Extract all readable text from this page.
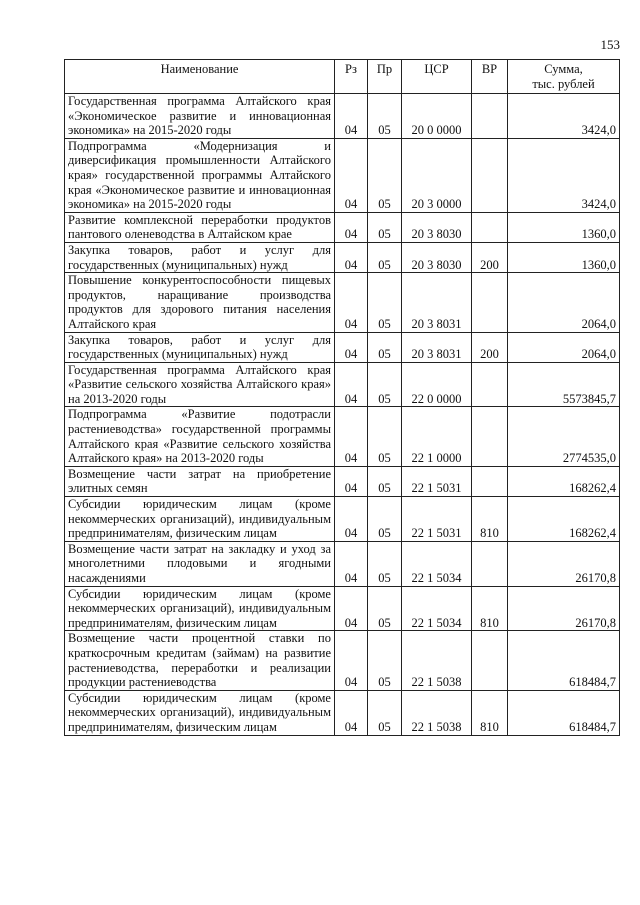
153
Наименование	Рз	Пр	ЦСР	ВР	Сумма,
тыс. рублей

Государственная программа Алтайского края «Экономическое развитие и инновационная экономика» на 2015-2020 годы	04	05	20 0 0000		3424,0
Подпрограмма «Модернизация и диверсификация промышленности Алтайского края» государственной программы Алтайского края «Экономическое развитие и инновационная экономика» на 2015-2020 годы	04	05	20 3 0000		3424,0
Развитие комплексной переработки продуктов пантового оленеводства в Алтайском крае	04	05	20 3 8030		1360,0
Закупка товаров, работ и услуг для государственных (муниципальных) нужд	04	05	20 3 8030	200	1360,0
Повышение конкурентоспособности пищевых продуктов, наращивание производства продуктов для здорового питания населения Алтайского края	04	05	20 3 8031		2064,0
Закупка товаров, работ и услуг для государственных (муниципальных) нужд	04	05	20 3 8031	200	2064,0
Государственная программа Алтайского края «Развитие сельского хозяйства Алтайского края» на 2013-2020 годы	04	05	22 0 0000		5573845,7
Подпрограмма «Развитие подотрасли растениеводства» государственной программы Алтайского края «Развитие сельского хозяйства Алтайского края» на 2013-2020 годы	04	05	22 1 0000		2774535,0
Возмещение части затрат на приобретение элитных семян	04	05	22 1 5031		168262,4
Субсидии юридическим лицам (кроме некоммерческих организаций), индивидуальным предпринимателям, физическим лицам	04	05	22 1 5031	810	168262,4
Возмещение части затрат на закладку и уход за многолетними плодовыми и ягодными насаждениями	04	05	22 1 5034		26170,8
Субсидии юридическим лицам (кроме некоммерческих организаций), индивидуальным предпринимателям, физическим лицам	04	05	22 1 5034	810	26170,8
Возмещение части процентной ставки по краткосрочным кредитам (займам) на развитие растениеводства, переработки и реализации продукции растениеводства	04	05	22 1 5038		618484,7
Субсидии юридическим лицам (кроме некоммерческих организаций), индивидуальным предпринимателям, физическим лицам	04	05	22 1 5038	810	618484,7
